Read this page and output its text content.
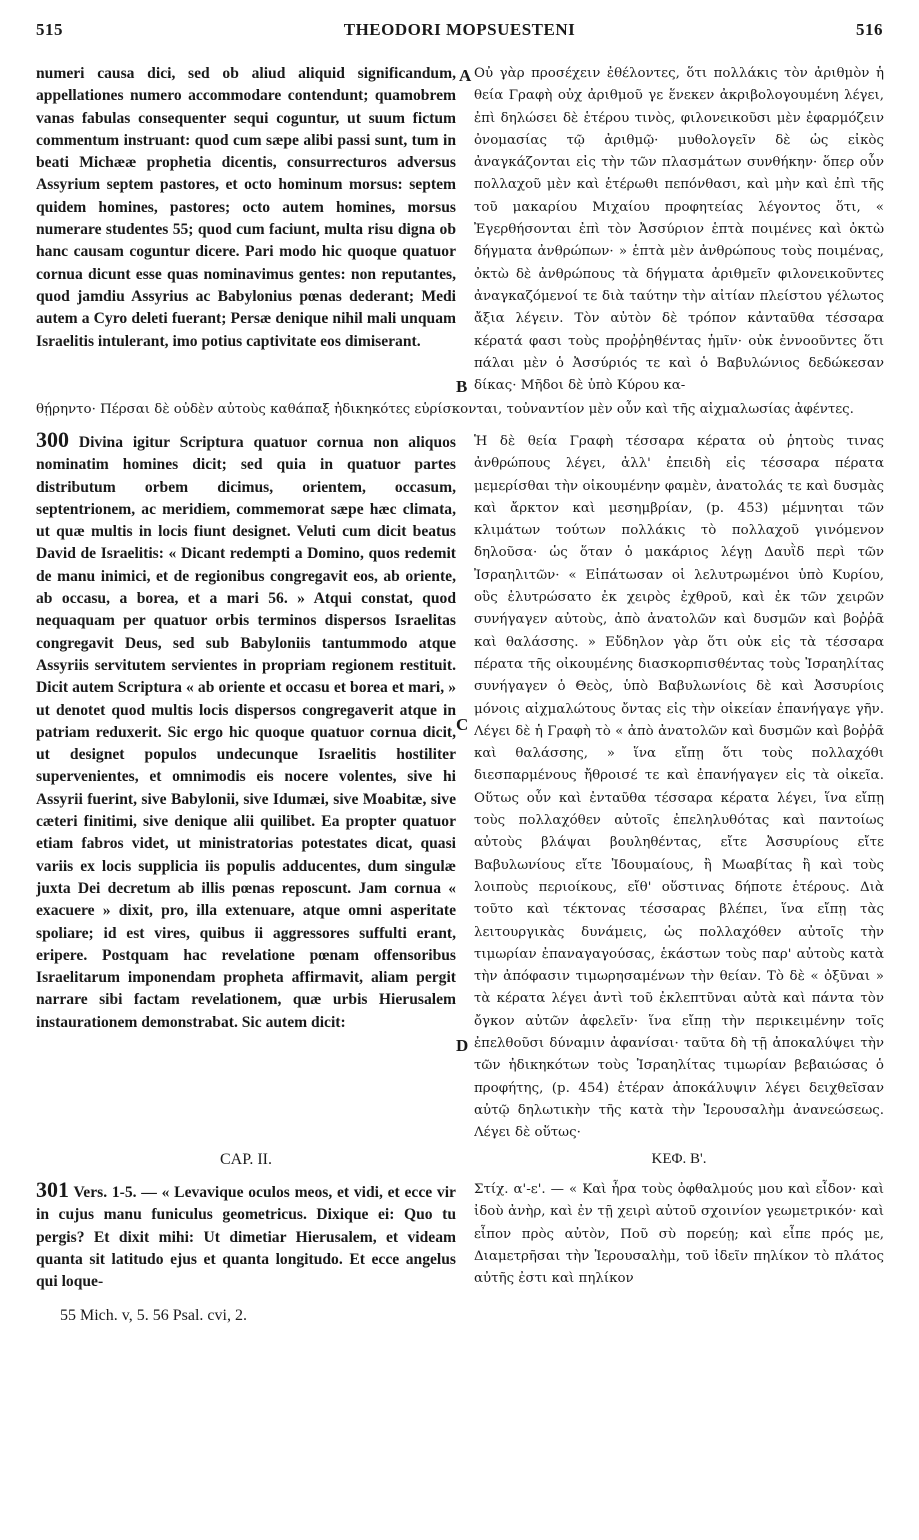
515	THEODORI MOPSUESTENI	516
numeri causa dici, sed ob aliud aliquid significandum, appellationes numero accommodare contendunt; quamobrem vanas fabulas consequenter sequi coguntur, ut suum fictum commentum instruant: quod cum sæpe alibi passi sunt, tum in beati Michææ prophetia dicentis, consurrecturos adversus Assyrium septem pastores, et octo hominum morsus: septem quidem homines, pastores; octo autem homines, morsus numerare studentes 55; quod cum faciunt, multa risu digna ob hanc causam coguntur dicere. Pari modo hic quoque quatuor cornua dicunt esse quas nominavimus gentes: non reputantes, quod jamdiu Assyrius ac Babylonius pœnas dederant; Medi autem a Cyro deleti fuerant; Persæ denique nihil mali unquam Israelitis intulerant, imo potius captivitate eos dimiserant.
Οὐ γὰρ προσέχειν ἐθέλοντες, ὅτι πολλάκις τὸν ἀριθμὸν ἡ θεία Γραφὴ οὐχ ἀριθμοῦ γε ἕνεκεν ἀκριβολογουμένη λέγει, ἐπὶ δηλώσει δὲ ἑτέρου τινὸς, φιλονεικοῦσι μὲν ἐφαρμόζειν ὀνομασίας τῷ ἀριθμῷ· μυθολογεῖν δὲ ὡς εἰκὸς ἀναγκάζονται εἰς τὴν τῶν πλασμάτων συνθήκην· ὅπερ οὖν πολλαχοῦ μὲν καὶ ἑτέρωθι πεπόνθασι, καὶ μὴν καὶ ἐπὶ τῆς τοῦ μακαρίου Μιχαίου προφητείας λέγοντος ὅτι, « Ἐγερθήσονται ἐπὶ τὸν Ἀσσύριον ἑπτὰ ποιμένες καὶ ὀκτὼ δήγματα ἀνθρώπων· » ἑπτὰ μὲν ἀνθρώπους τοὺς ποιμένας, ὀκτὼ δὲ ἀνθρώπους τὰ δήγματα ἀριθμεῖν φιλονεικοῦντες ἀναγκαζόμενοί τε διὰ ταύτην τὴν αἰτίαν πλείστου γέλωτος ἄξια λέγειν. Τὸν αὐτὸν δὲ τρόπον κἀνταῦθα τέσσαρα κέρατά φασι τοὺς προῤῥηθέντας ἡμῖν· οὐκ ἐννοοῦντες ὅτι πάλαι μὲν ὁ Ἀσσύριός τε καὶ ὁ Βαβυλώνιος δεδώκεσαν δίκας· Μῆδοι δὲ ὑπὸ Κύρου κα-
θῄρηντο· Πέρσαι δὲ οὐδὲν αὐτοὺς καθάπαξ ἠδικηκότες εὑρίσκονται, τοὐναντίον μὲν οὖν καὶ τῆς αἰχμαλωσίας ἀφέντες.
A
B
300 Divina igitur Scriptura quatuor cornua non aliquos nominatim homines dicit; sed quia in quatuor partes distributum orbem dicimus, orientem, occasum, septentrionem, ac meridiem, commemorat sæpe hæc climata, ut quæ multis in locis fiunt designet. Veluti cum dicit beatus David de Israelitis: « Dicant redempti a Domino, quos redemit de manu inimici, et de regionibus congregavit eos, ab oriente, ab occasu, a borea, et a mari 56. » Atqui constat, quod nequaquam per quatuor orbis terminos dispersos Israelitas congregavit Deus, sed sub Babyloniis tantummodo atque Assyriis servitutem servientes in propriam regionem restituit. Dicit autem Scriptura « ab oriente et occasu et borea et mari, » ut denotet quod multis locis dispersos congregaverit atque in patriam reduxerit. Sic ergo hic quoque quatuor cornua dicit, ut designet populos undecunque Israelitis hostiliter supervenientes, et omnimodis eis nocere volentes, sive hi Assyrii fuerint, sive Babylonii, sive Idumæi, sive Moabitæ, sive cæteri finitimi, sive denique alii quilibet. Ea propter quatuor etiam fabros videt, ut ministratorias potestates dicat, quasi variis ex locis supplicia iis populis adducentes, dum singulæ juxta Dei decretum ab illis pœnas reposcunt. Jam cornua « exacuere » dixit, pro, illa extenuare, atque omni asperitate spoliare; id est vires, quibus ii aggressores suffulti erant, eripere. Postquam hac revelatione pœnam offensoribus Israelitarum imponendam propheta affirmavit, aliam pergit narrare sibi factam revelationem, quæ urbis Hierusalem instaurationem demonstrabat. Sic autem dicit:
Ἡ δὲ θεία Γραφὴ τέσσαρα κέρατα οὐ ῥητοὺς τινας ἀνθρώπους λέγει, ἀλλ' ἐπειδὴ εἰς τέσσαρα πέρατα μεμερίσθαι τὴν οἰκουμένην φαμὲν, ἀνατολάς τε καὶ δυσμὰς καὶ ἄρκτον καὶ μεσημβρίαν, (p. 453) μέμνηται τῶν κλιμάτων τούτων πολλάκις τὸ πολλαχοῦ γινόμενον δηλοῦσα· ὡς ὅταν ὁ μακάριος λέγῃ Δαυῒδ περὶ τῶν Ἰσραηλιτῶν· « Εἰπάτωσαν οἱ λελυτρωμένοι ὑπὸ Κυρίου, οὓς ἐλυτρώσατο ἐκ χειρὸς ἐχθροῦ, καὶ ἐκ τῶν χειρῶν συνήγαγεν αὐτοὺς, ἀπὸ ἀνατολῶν καὶ δυσμῶν καὶ βοῤῥᾶ καὶ θαλάσσης. » Εὔδηλον γὰρ ὅτι οὐκ εἰς τὰ τέσσαρα πέρατα τῆς οἰκουμένης διασκορπισθέντας τοὺς Ἰσραηλίτας συνήγαγεν ὁ Θεὸς, ὑπὸ Βαβυλωνίοις δὲ καὶ Ἀσσυρίοις μόνοις αἰχμαλώτους ὄντας εἰς τὴν οἰκείαν ἐπανήγαγε γῆν. Λέγει δὲ ἡ Γραφὴ τὸ « ἀπὸ ἀνατολῶν καὶ δυσμῶν καὶ βοῤῥᾶ καὶ θαλάσσης, » ἵνα εἴπῃ ὅτι τοὺς πολλαχόθι διεσπαρμένους ἤθροισέ τε καὶ ἐπανήγαγεν εἰς τὰ οἰκεῖα. Οὕτως οὖν καὶ ἐνταῦθα τέσσαρα κέρατα λέγει, ἵνα εἴπῃ τοὺς πολλαχόθεν αὐτοῖς ἐπεληλυθότας καὶ παντοίως αὐτοὺς βλάψαι βουληθέντας, εἴτε Ἀσσυρίους εἴτε Βαβυλωνίους εἴτε Ἰδουμαίους, ἢ Μωαβίτας ἢ καὶ τοὺς λοιποὺς περιοίκους, εἴθ' οὕστινας δήποτε ἑτέρους. Διὰ τοῦτο καὶ τέκτονας τέσσαρας βλέπει, ἵνα εἴπῃ τὰς λειτουργικὰς δυνάμεις, ὡς πολλαχόθεν αὐτοῖς τὴν τιμωρίαν ἐπαναγαγούσας, ἑκάστων τοὺς παρ' αὐτοὺς κατὰ τὴν ἀπόφασιν τιμωρησαμένων τὴν θείαν. Τὸ δὲ « ὀξῦναι » τὰ κέρατα λέγει ἀντὶ τοῦ ἐκλεπτῦναι αὐτὰ καὶ πάντα τὸν ὄγκον αὐτῶν ἀφελεῖν· ἵνα εἴπῃ τὴν περικειμένην τοῖς ἐπελθοῦσι δύναμιν ἀφανίσαι· ταῦτα δὴ τῇ ἀποκαλύψει τὴν τῶν ἠδικηκότων τοὺς Ἰσραηλίτας τιμωρίαν βεβαιώσας ὁ προφήτης, (p. 454) ἑτέραν ἀποκάλυψιν λέγει δειχθεῖσαν αὐτῷ δηλωτικὴν τῆς κατὰ τὴν Ἱερουσαλὴμ ἀνανεώσεως. Λέγει δὲ οὕτως·
C
D
CAP. II.	ΚΕΦ. Β'.
301 Vers. 1-5. — « Levavique oculos meos, et vidi, et ecce vir in cujus manu funiculus geometricus. Dixique ei: Quo tu pergis? Et dixit mihi: Ut dimetiar Hierusalem, et videam quanta sit latitudo ejus et quanta longitudo. Et ecce angelus qui loque-
Στίχ. α'-ε'. — « Καὶ ἦρα τοὺς ὀφθαλμούς μου καὶ εἶδον· καὶ ἰδοὺ ἀνὴρ, καὶ ἐν τῇ χειρὶ αὐτοῦ σχοινίον γεωμετρικόν· καὶ εἶπον πρὸς αὐτὸν, Ποῦ σὺ πορεύῃ; καὶ εἶπε πρός με, Διαμετρῆσαι τὴν Ἱερουσαλὴμ, τοῦ ἰδεῖν πηλίκον τὸ πλάτος αὐτῆς ἐστι καὶ πηλίκον
55 Mich. v, 5. 56 Psal. cvi, 2.
